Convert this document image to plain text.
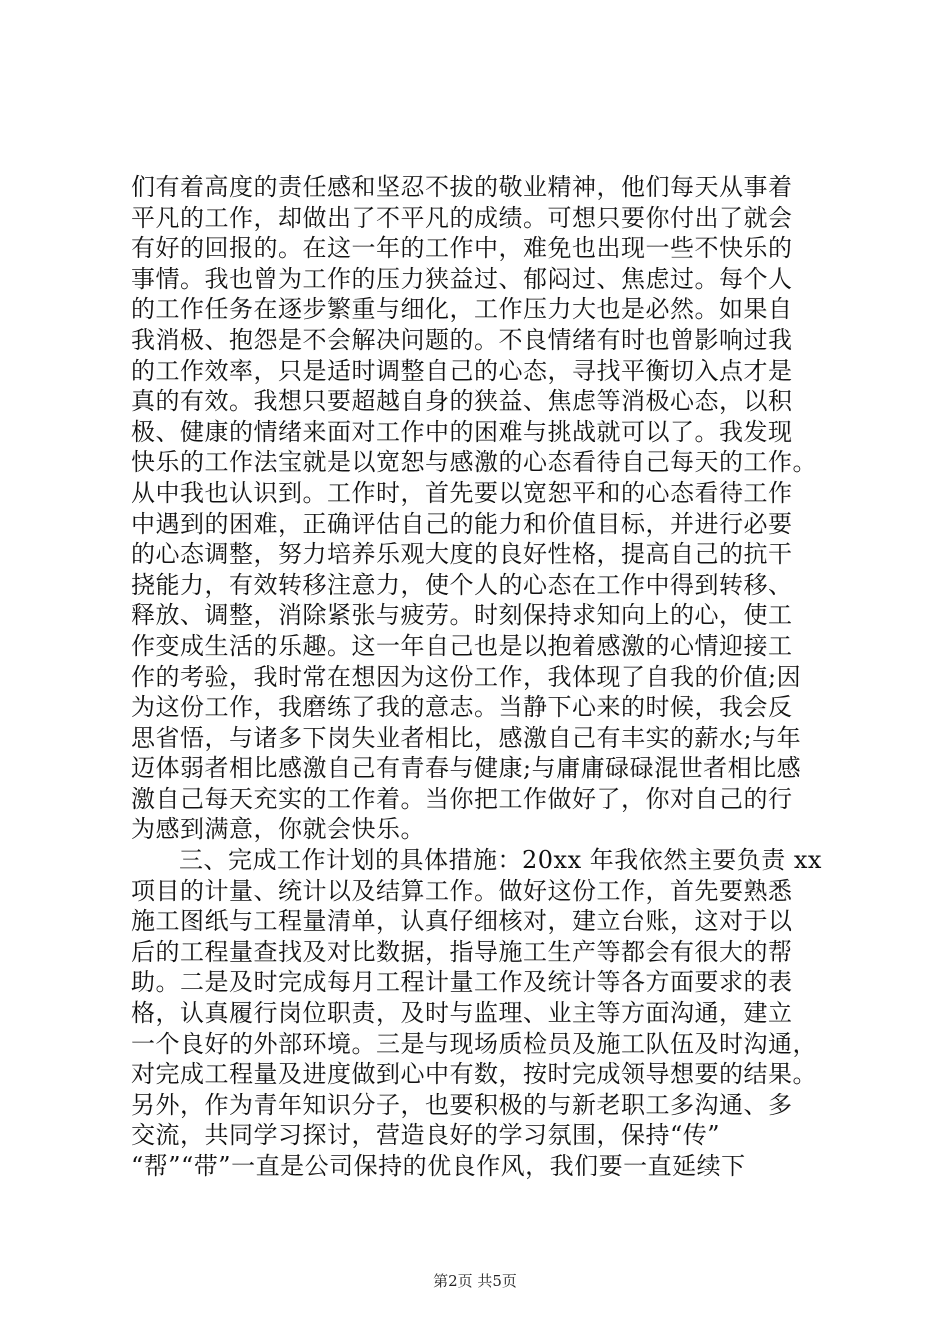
们有着高度的责任感和坚忍不拔的敬业精神，他们每天从事着
平凡的工作，却做出了不平凡的成绩。可想只要你付出了就会
有好的回报的。在这一年的工作中，难免也出现一些不快乐的
事情。我也曾为工作的压力狭益过、郁闷过、焦虑过。每个人
的工作任务在逐步繁重与细化，工作压力大也是必然。如果自
我消极、抱怨是不会解决问题的。不良情绪有时也曾影响过我
的工作效率，只是适时调整自己的心态，寻找平衡切入点才是
真的有效。我想只要超越自身的狭益、焦虑等消极心态，以积
极、健康的情绪来面对工作中的困难与挑战就可以了。我发现
快乐的工作法宝就是以宽恕与感激的心态看待自己每天的工作。
从中我也认识到。工作时，首先要以宽恕平和的心态看待工作
中遇到的困难，正确评估自己的能力和价值目标，并进行必要
的心态调整，努力培养乐观大度的良好性格，提高自己的抗干
挠能力，有效转移注意力，使个人的心态在工作中得到转移、
释放、调整，消除紧张与疲劳。时刻保持求知向上的心，使工
作变成生活的乐趣。这一年自己也是以抱着感激的心情迎接工
作的考验，我时常在想因为这份工作，我体现了自我的价值;因
为这份工作，我磨练了我的意志。当静下心来的时候，我会反
思省悟，与诸多下岗失业者相比，感激自己有丰实的薪水;与年
迈体弱者相比感激自己有青春与健康;与庸庸碌碌混世者相比感
激自己每天充实的工作着。当你把工作做好了，你对自己的行
为感到满意，你就会快乐。
三、完成工作计划的具体措施：20xx 年我依然主要负责 xx
项目的计量、统计以及结算工作。做好这份工作，首先要熟悉
施工图纸与工程量清单，认真仔细核对，建立台账，这对于以
后的工程量查找及对比数据，指导施工生产等都会有很大的帮
助。二是及时完成每月工程计量工作及统计等各方面要求的表
格，认真履行岗位职责，及时与监理、业主等方面沟通，建立
一个良好的外部环境。三是与现场质检员及施工队伍及时沟通，
对完成工程量及进度做到心中有数，按时完成领导想要的结果。
另外，作为青年知识分子，也要积极的与新老职工多沟通、多
交流，共同学习探讨，营造良好的学习氛围，保持“传”
“帮”“带”一直是公司保持的优良作风，我们要一直延续下
第2页 共5页
